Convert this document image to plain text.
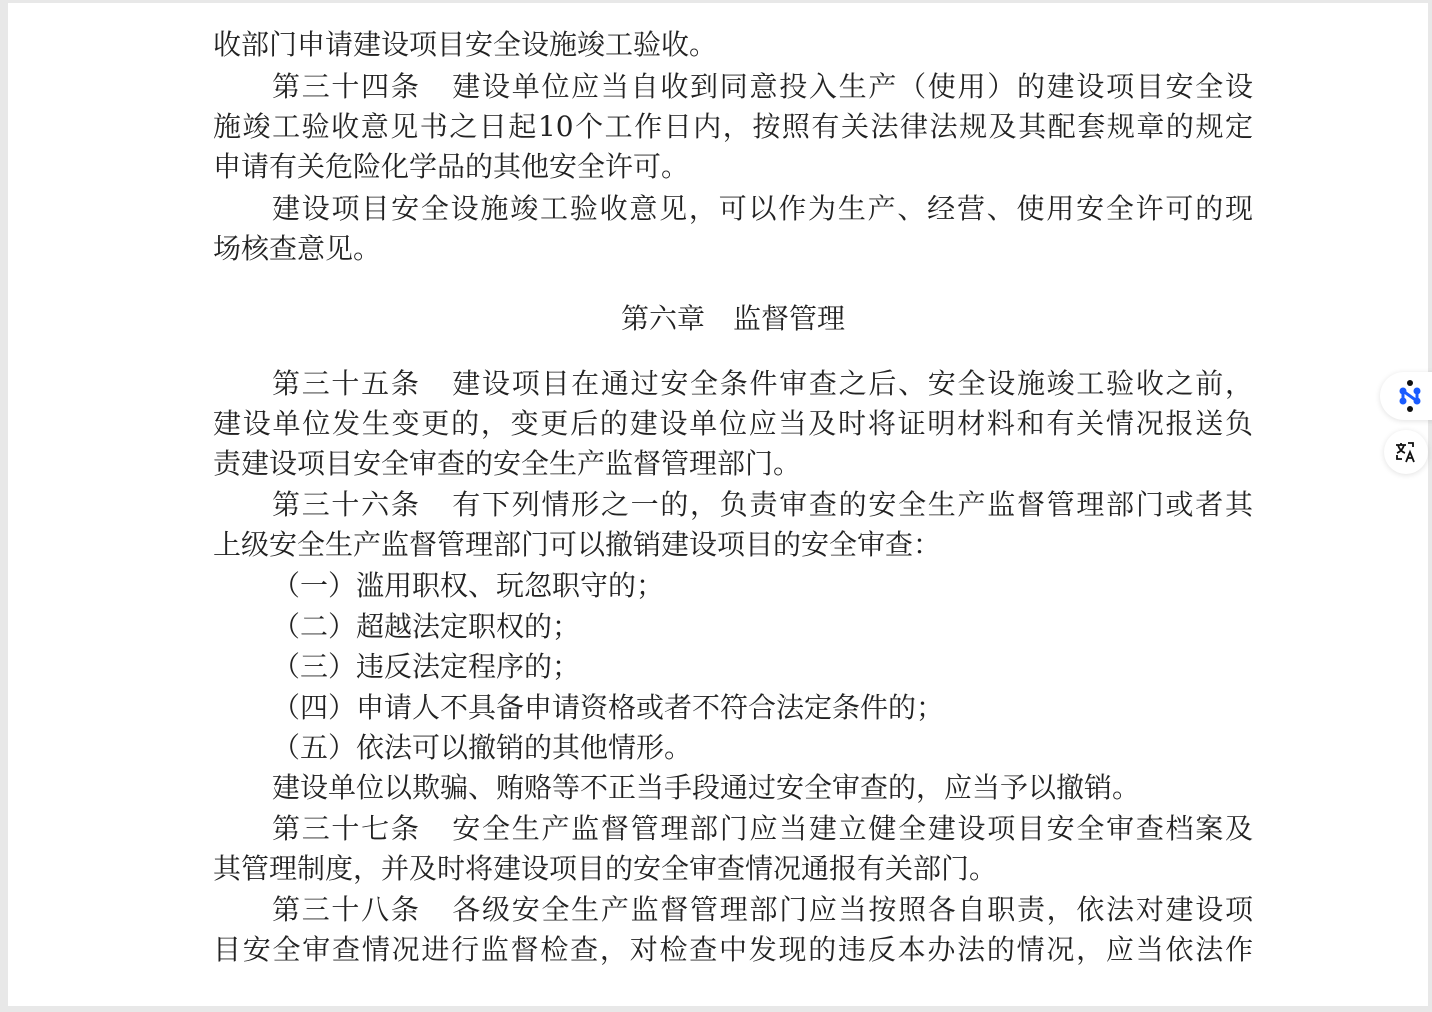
第六章 监督管理
收部门申请建设项目安全设施竣工验收。
第三十四条 建设单位应当自收到同意投入生产（使用）的建设项目安全设
施竣工验收意见书之日起10个工作日内，按照有关法律法规及其配套规章的规定
申请有关危险化学品的其他安全许可。
建设项目安全设施竣工验收意见，可以作为生产、经营、使用安全许可的现
场核查意见。
第三十五条 建设项目在通过安全条件审查之后、安全设施竣工验收之前，
建设单位发生变更的，变更后的建设单位应当及时将证明材料和有关情况报送负
责建设项目安全审查的安全生产监督管理部门。
第三十六条 有下列情形之一的，负责审查的安全生产监督管理部门或者其
上级安全生产监督管理部门可以撤销建设项目的安全审查：
（一）滥用职权、玩忽职守的；
（二）超越法定职权的；
（三）违反法定程序的；
（四）申请人不具备申请资格或者不符合法定条件的；
（五）依法可以撤销的其他情形。
建设单位以欺骗、贿赂等不正当手段通过安全审查的，应当予以撤销。
第三十七条 安全生产监督管理部门应当建立健全建设项目安全审查档案及
其管理制度，并及时将建设项目的安全审查情况通报有关部门。
第三十八条 各级安全生产监督管理部门应当按照各自职责，依法对建设项
目安全审查情况进行监督检查，对检查中发现的违反本办法的情况，应当依法作
